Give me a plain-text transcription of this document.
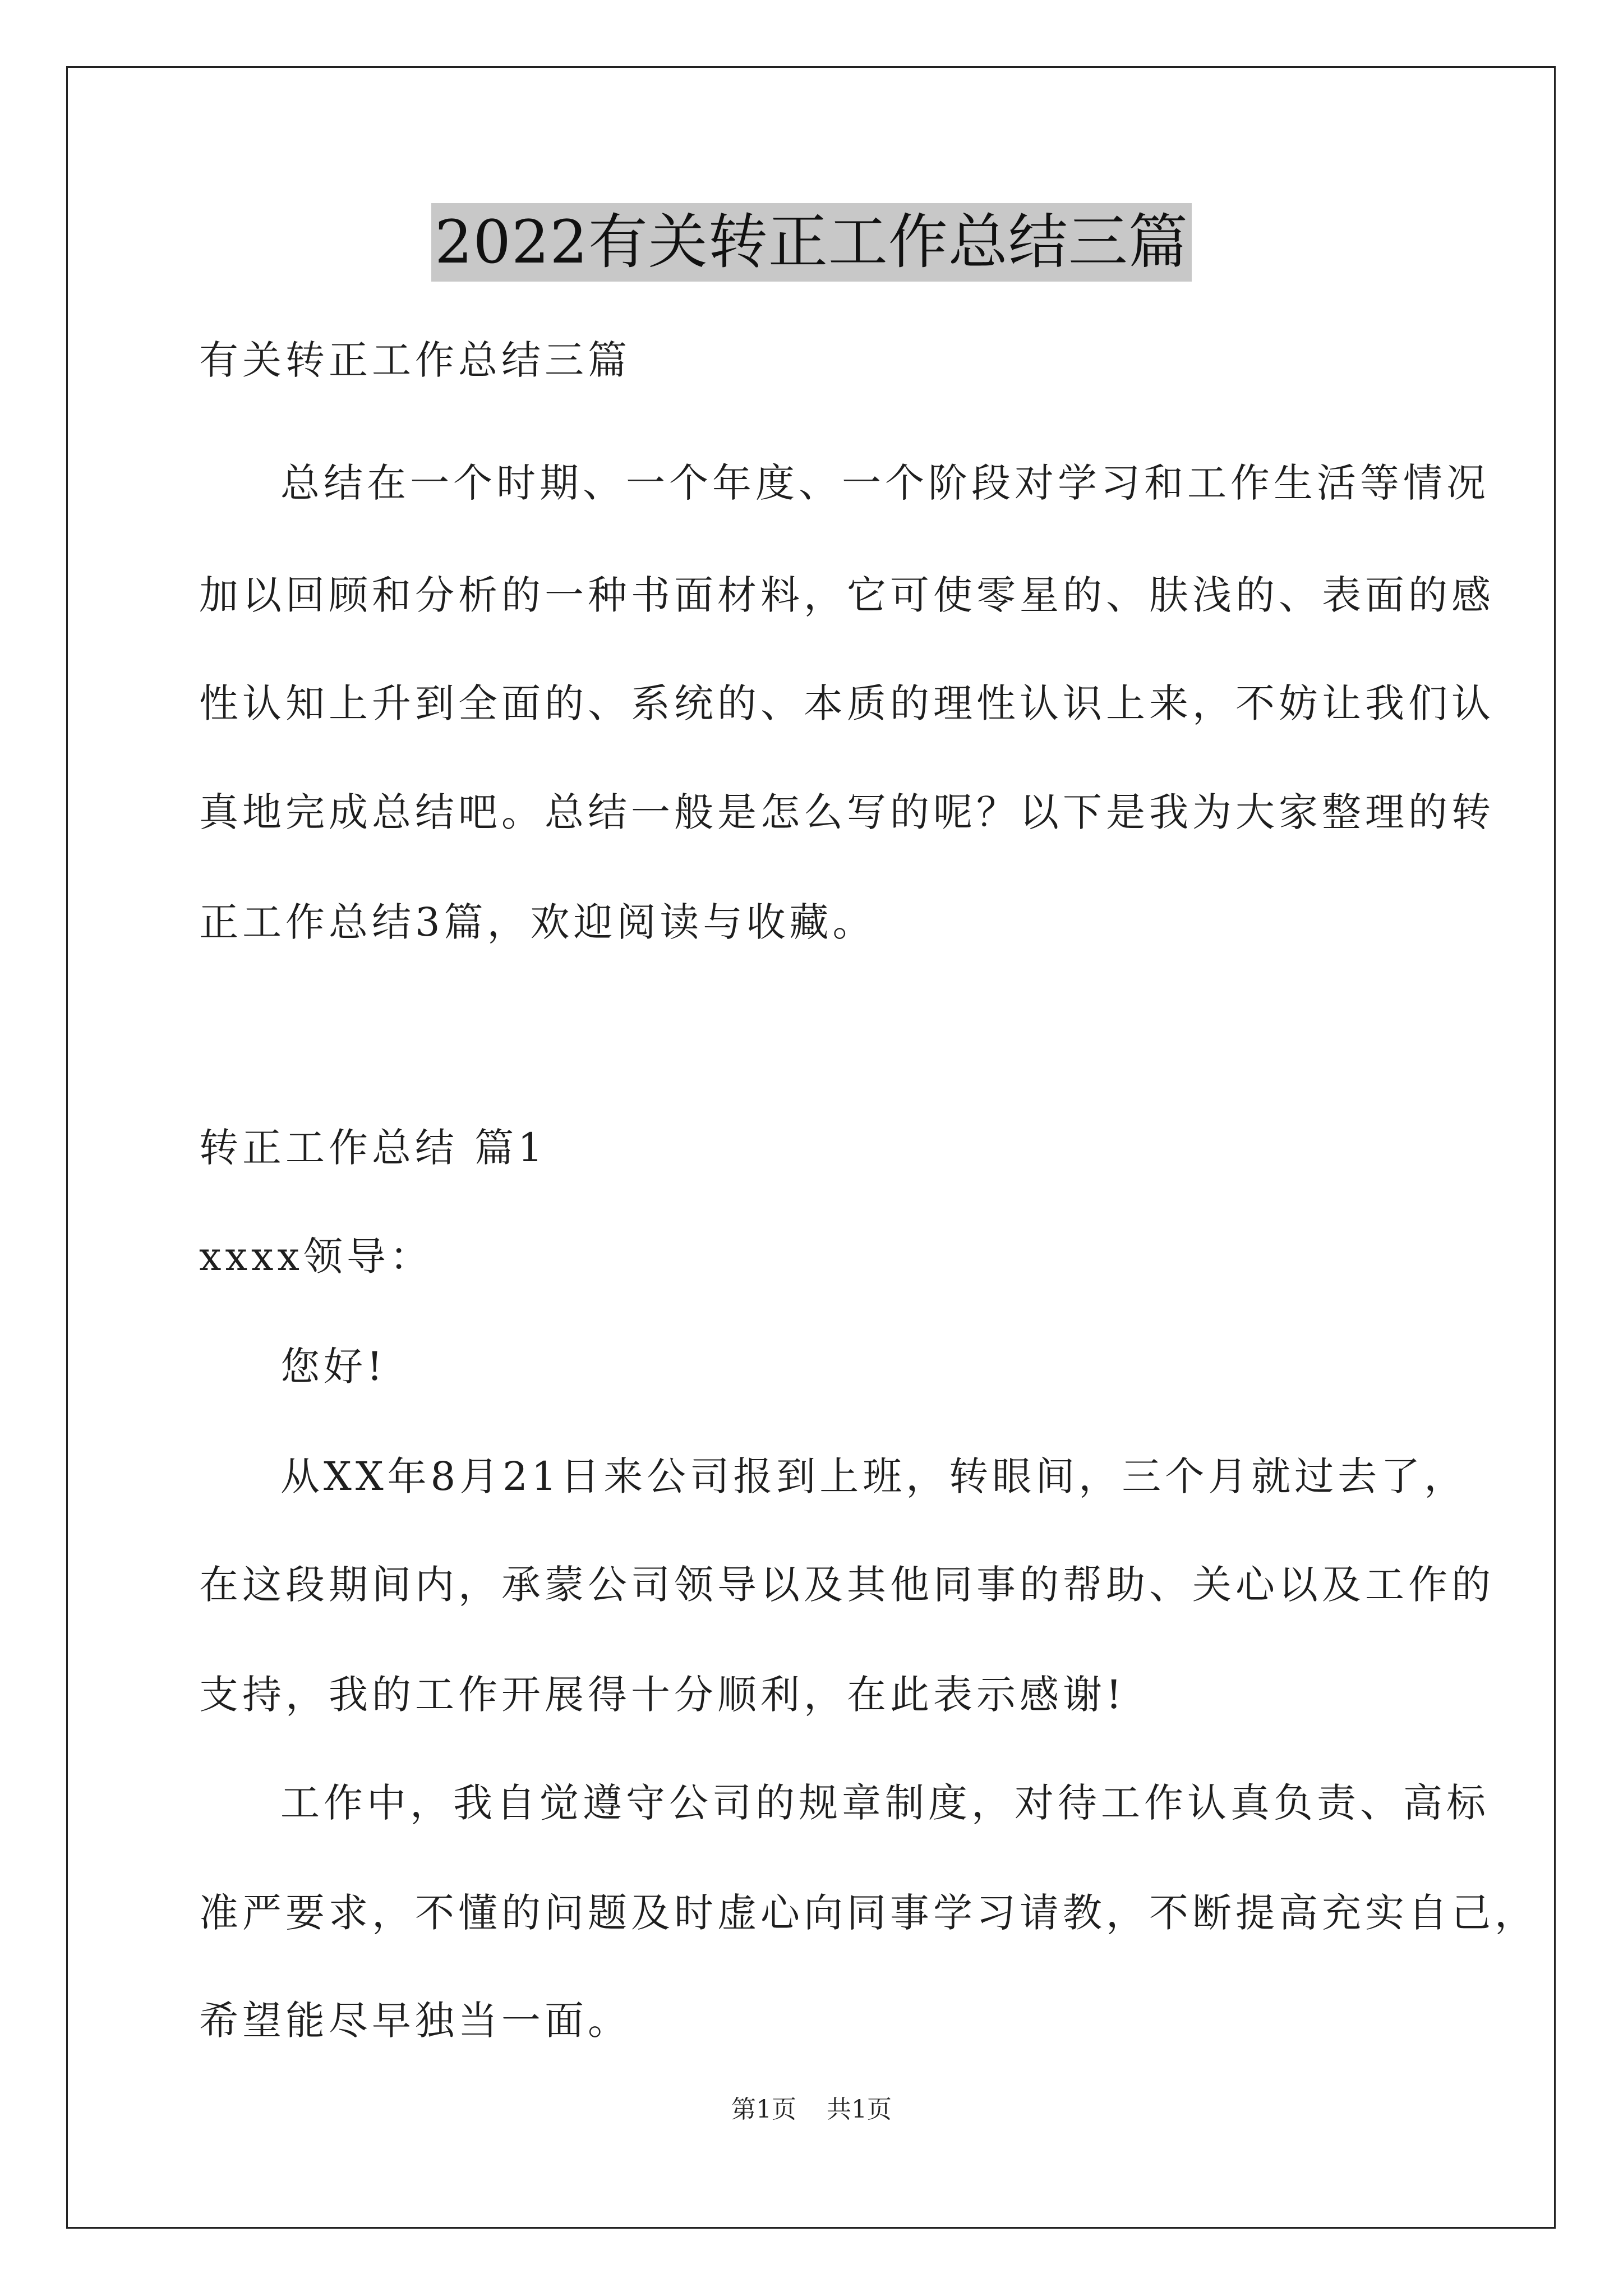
2022有关转正工作总结三篇
有关转正工作总结三篇
总结在一个时期、一个年度、一个阶段对学习和工作生活等情况
加以回顾和分析的一种书面材料，它可使零星的、肤浅的、表面的感
性认知上升到全面的、系统的、本质的理性认识上来，不妨让我们认
真地完成总结吧。总结一般是怎么写的呢？以下是我为大家整理的转
正工作总结3篇，欢迎阅读与收藏。
转正工作总结 篇1
xxxx领导：
您好!
从XX年8月21日来公司报到上班，转眼间，三个月就过去了，
在这段期间内，承蒙公司领导以及其他同事的帮助、关心以及工作的
支持，我的工作开展得十分顺利，在此表示感谢!
工作中，我自觉遵守公司的规章制度，对待工作认真负责、高标
准严要求，不懂的问题及时虚心向同事学习请教，不断提高充实自己，
希望能尽早独当一面。
第1页 共1页
